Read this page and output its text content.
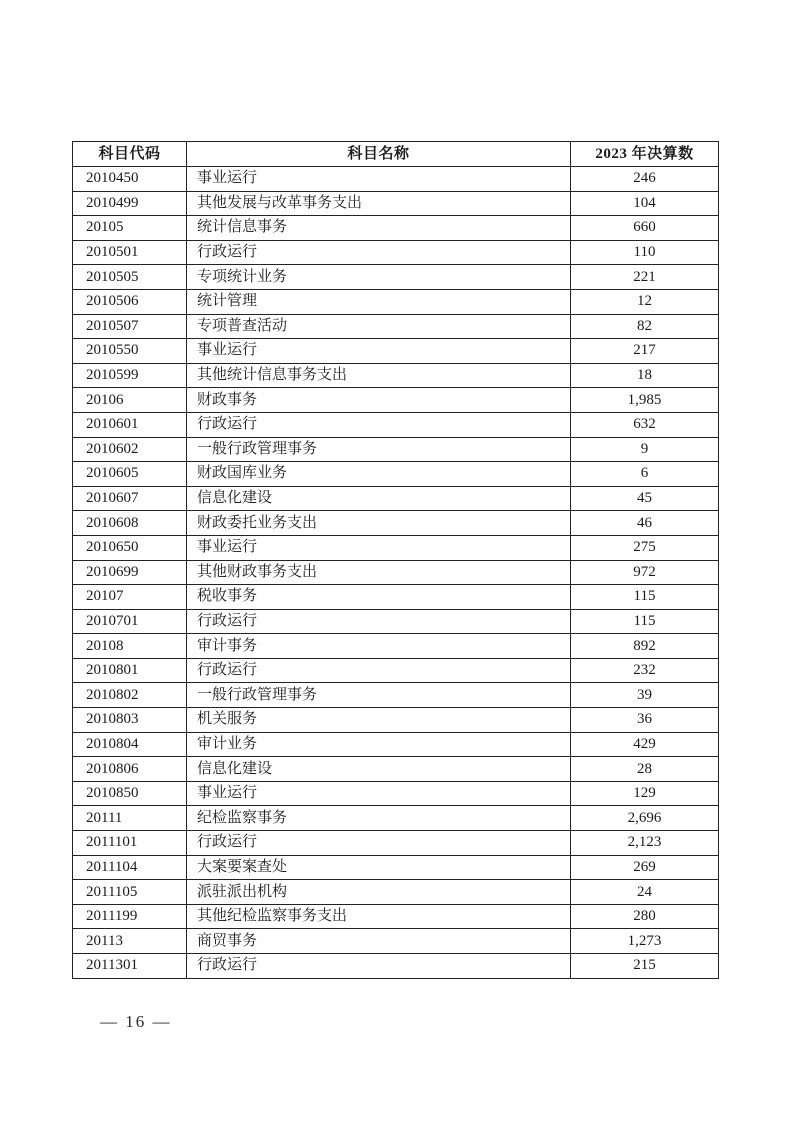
科目代码	科目名称	2023 年决算数
2010450	事业运行	246
2010499	其他发展与改革事务支出	104
20105	统计信息事务	660
2010501	行政运行	110
2010505	专项统计业务	221
2010506	统计管理	12
2010507	专项普查活动	82
2010550	事业运行	217
2010599	其他统计信息事务支出	18
20106	财政事务	1,985
2010601	行政运行	632
2010602	一般行政管理事务	9
2010605	财政国库业务	6
2010607	信息化建设	45
2010608	财政委托业务支出	46
2010650	事业运行	275
2010699	其他财政事务支出	972
20107	税收事务	115
2010701	行政运行	115
20108	审计事务	892
2010801	行政运行	232
2010802	一般行政管理事务	39
2010803	机关服务	36
2010804	审计业务	429
2010806	信息化建设	28
2010850	事业运行	129
20111	纪检监察事务	2,696
2011101	行政运行	2,123
2011104	大案要案查处	269
2011105	派驻派出机构	24
2011199	其他纪检监察事务支出	280
20113	商贸事务	1,273
2011301	行政运行	215
— 16 —
